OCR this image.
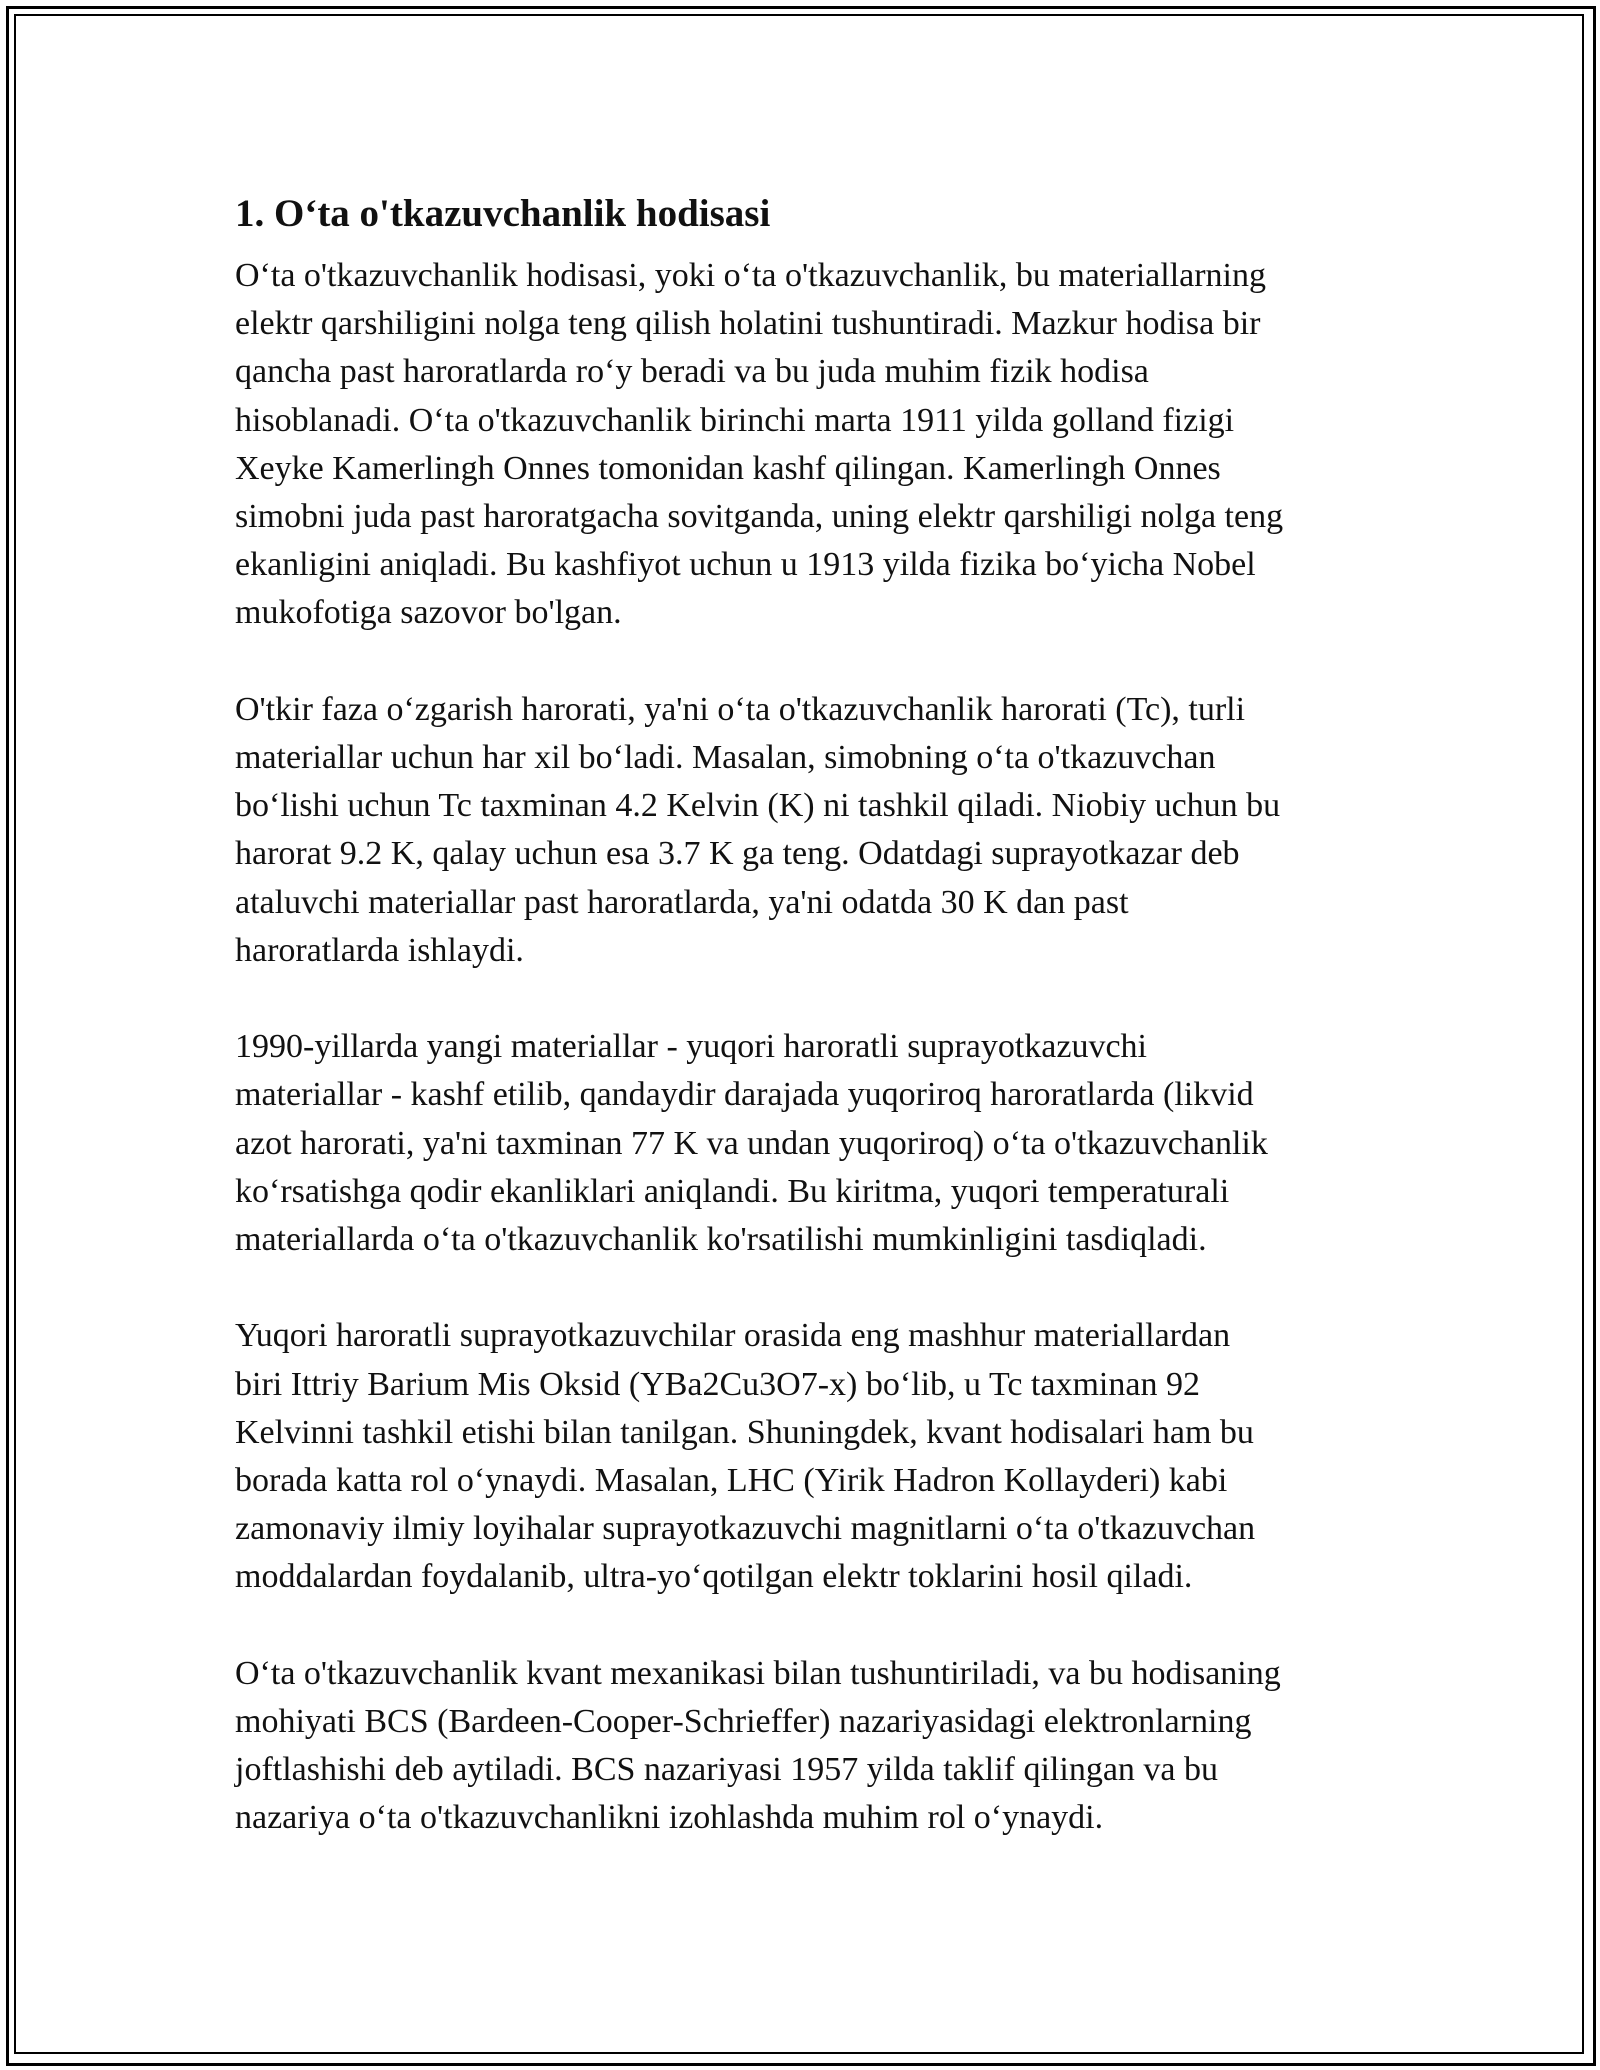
1. O‘ta o'tkazuvchanlik hodisasi

O‘ta o'tkazuvchanlik hodisasi, yoki o‘ta o'tkazuvchanlik, bu materiallarning
elektr qarshiligini nolga teng qilish holatini tushuntiradi. Mazkur hodisa bir
qancha past haroratlarda ro‘y beradi va bu juda muhim fizik hodisa
hisoblanadi. O‘ta o'tkazuvchanlik birinchi marta 1911 yilda golland fizigi
Xeyke Kamerlingh Onnes tomonidan kashf qilingan. Kamerlingh Onnes
simobni juda past haroratgacha sovitganda, uning elektr qarshiligi nolga teng
ekanligini aniqladi. Bu kashfiyot uchun u 1913 yilda fizika bo‘yicha Nobel
mukofotiga sazovor bo'lgan.

O'tkir faza o‘zgarish harorati, ya'ni o‘ta o'tkazuvchanlik harorati (Tc), turli
materiallar uchun har xil bo‘ladi. Masalan, simobning o‘ta o'tkazuvchan
bo‘lishi uchun Tc taxminan 4.2 Kelvin (K) ni tashkil qiladi. Niobiy uchun bu
harorat 9.2 K, qalay uchun esa 3.7 K ga teng. Odatdagi suprayotkazar deb
ataluvchi materiallar past haroratlarda, ya'ni odatda 30 K dan past
haroratlarda ishlaydi.

1990-yillarda yangi materiallar - yuqori haroratli suprayotkazuvchi
materiallar - kashf etilib, qandaydir darajada yuqoriroq haroratlarda (likvid
azot harorati, ya'ni taxminan 77 K va undan yuqoriroq) o‘ta o'tkazuvchanlik
ko‘rsatishga qodir ekanliklari aniqlandi. Bu kiritma, yuqori temperaturali
materiallarda o‘ta o'tkazuvchanlik ko'rsatilishi mumkinligini tasdiqladi.

Yuqori haroratli suprayotkazuvchilar orasida eng mashhur materiallardan
biri Ittriy Barium Mis Oksid (YBa2Cu3O7-x) bo‘lib, u Tc taxminan 92
Kelvinni tashkil etishi bilan tanilgan. Shuningdek, kvant hodisalari ham bu
borada katta rol o‘ynaydi. Masalan, LHC (Yirik Hadron Kollayderi) kabi
zamonaviy ilmiy loyihalar suprayotkazuvchi magnitlarni o‘ta o'tkazuvchan
moddalardan foydalanib, ultra-yo‘qotilgan elektr toklarini hosil qiladi.

O‘ta o'tkazuvchanlik kvant mexanikasi bilan tushuntiriladi, va bu hodisaning
mohiyati BCS (Bardeen-Cooper-Schrieffer) nazariyasidagi elektronlarning
joftlashishi deb aytiladi. BCS nazariyasi 1957 yilda taklif qilingan va bu
nazariya o‘ta o'tkazuvchanlikni izohlashda muhim rol o‘ynaydi.
